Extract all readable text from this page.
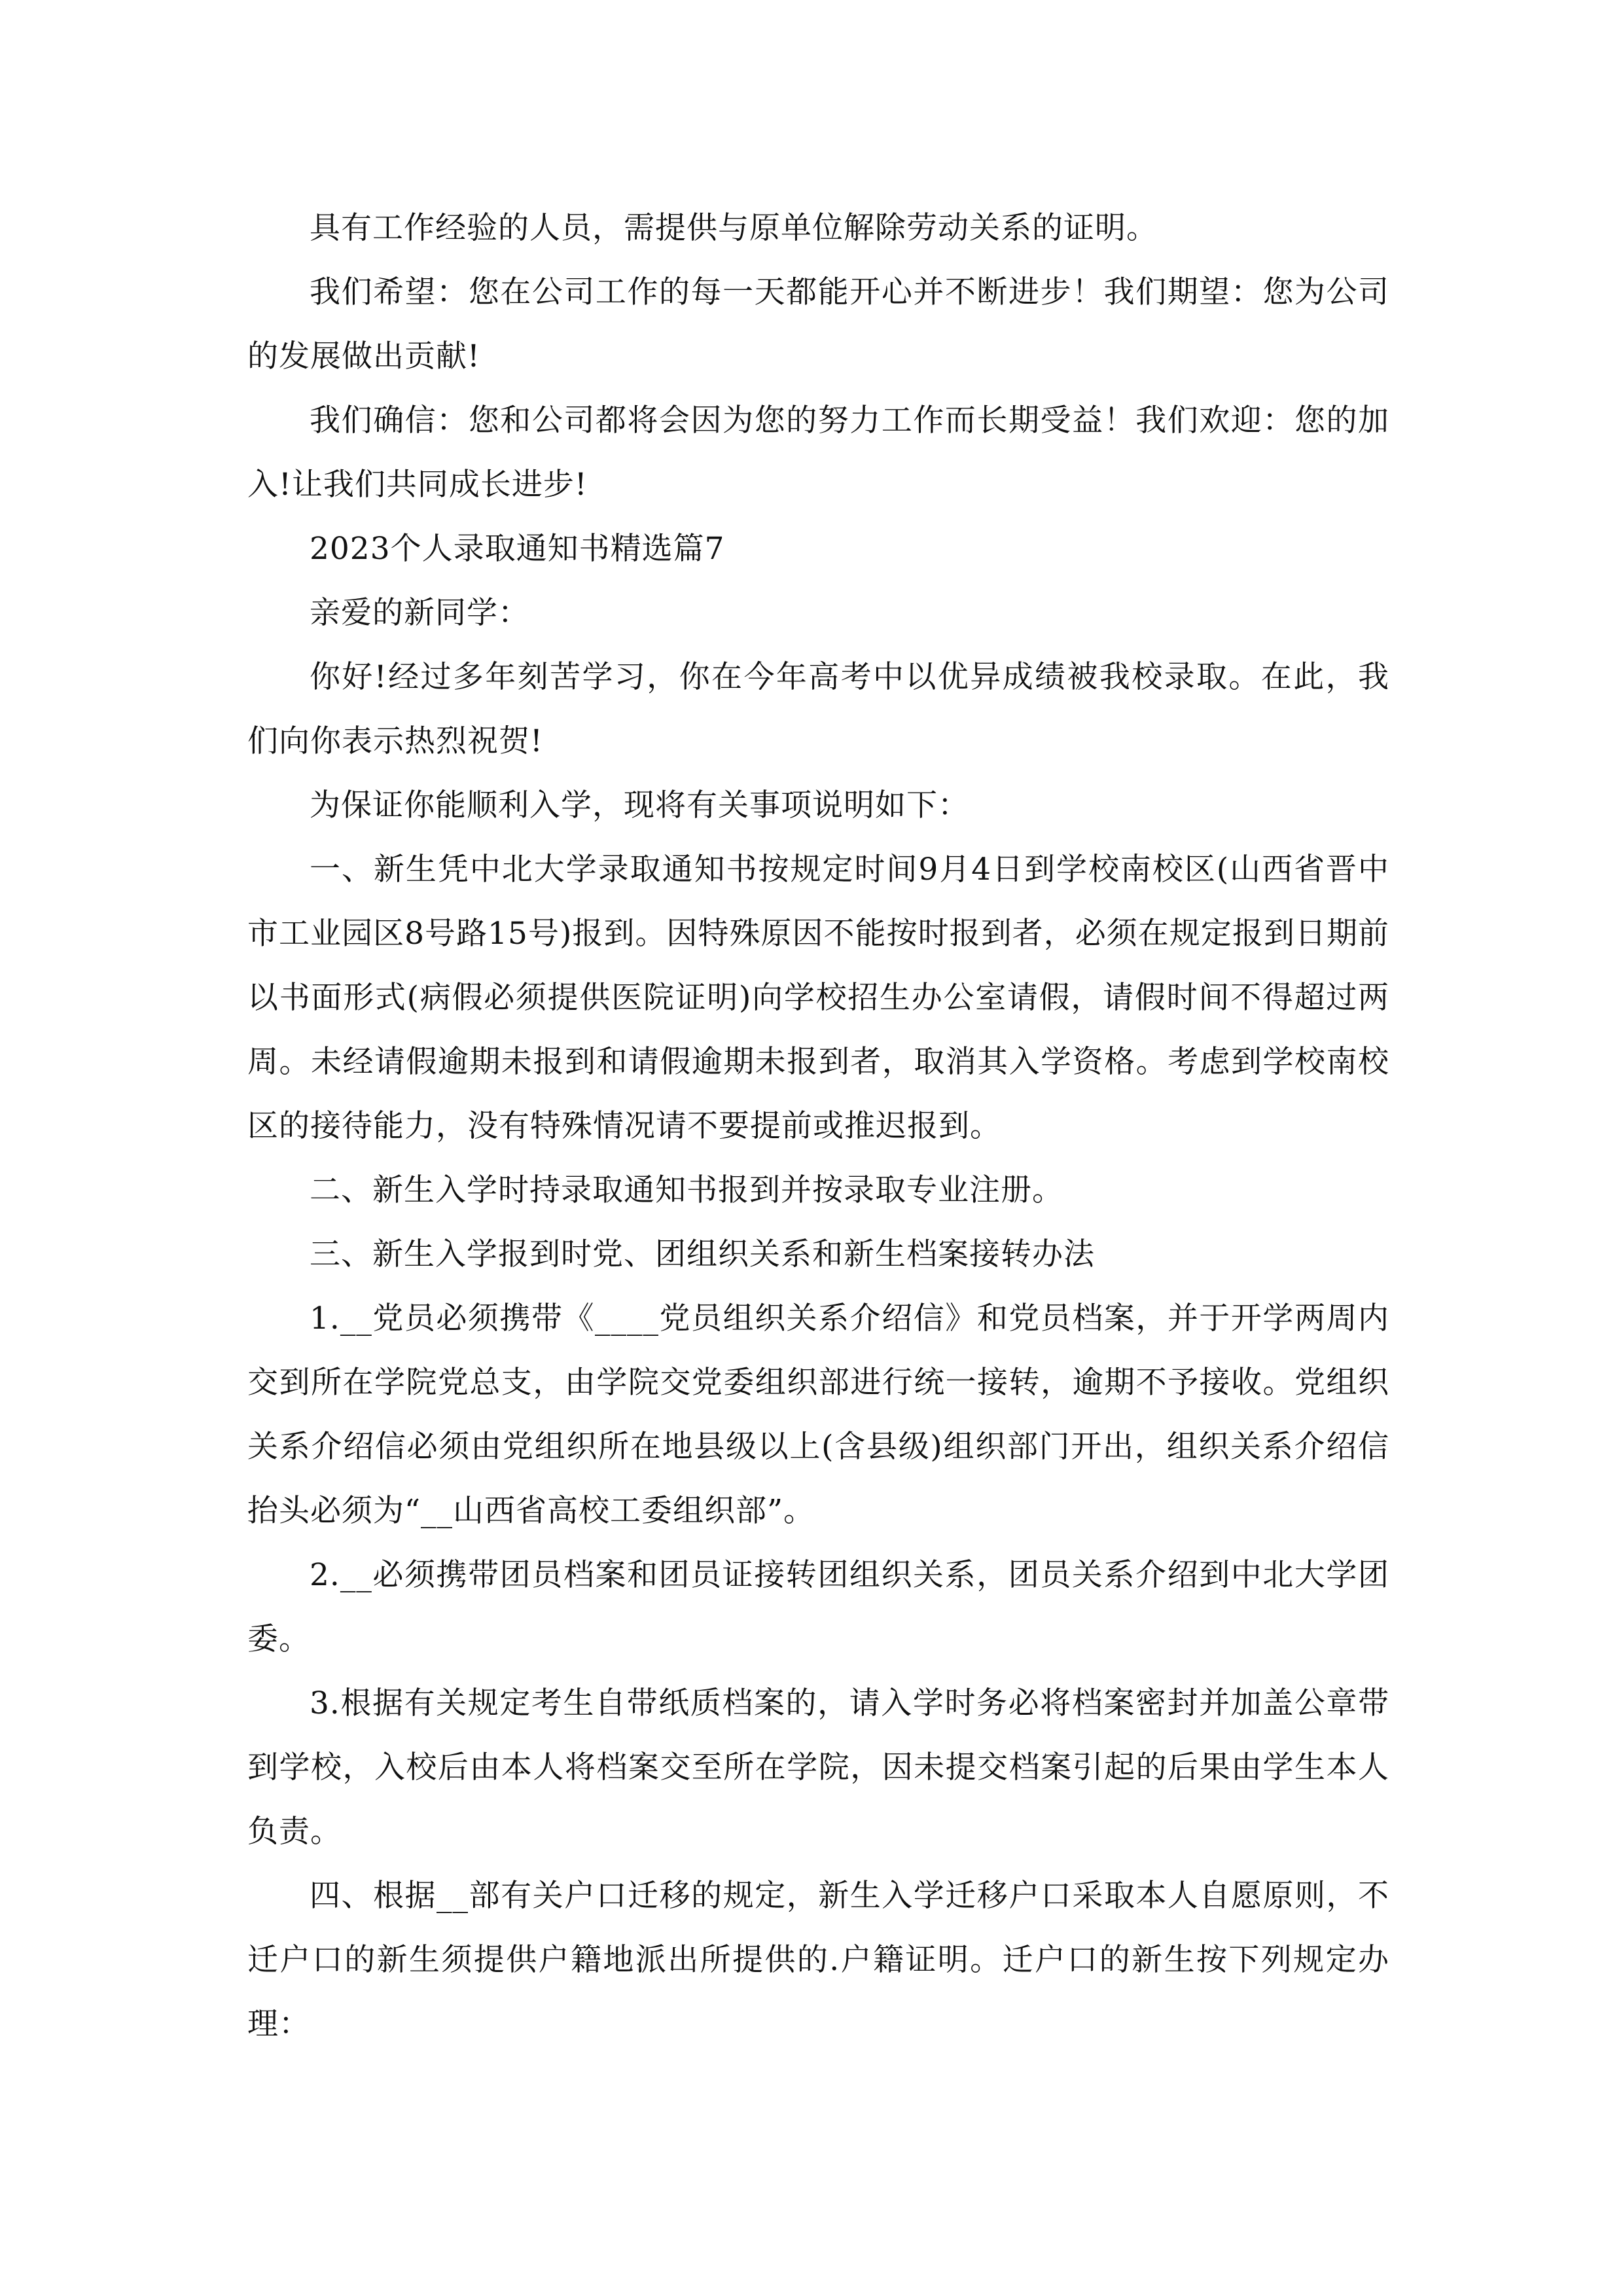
具有工作经验的人员，需提供与原单位解除劳动关系的证明。

我们希望：您在公司工作的每一天都能开心并不断进步！我们期望：您为公司的发展做出贡献!

我们确信：您和公司都将会因为您的努力工作而长期受益！我们欢迎：您的加入!让我们共同成长进步!

2023个人录取通知书精选篇7

亲爱的新同学：

你好!经过多年刻苦学习，你在今年高考中以优异成绩被我校录取。在此，我们向你表示热烈祝贺!

为保证你能顺利入学，现将有关事项说明如下：

一、新生凭中北大学录取通知书按规定时间9月4日到学校南校区(山西省晋中市工业园区8号路15号)报到。因特殊原因不能按时报到者，必须在规定报到日期前以书面形式(病假必须提供医院证明)向学校招生办公室请假，请假时间不得超过两周。未经请假逾期未报到和请假逾期未报到者，取消其入学资格。考虑到学校南校区的接待能力，没有特殊情况请不要提前或推迟报到。

二、新生入学时持录取通知书报到并按录取专业注册。

三、新生入学报到时党、团组织关系和新生档案接转办法

1.__党员必须携带《____党员组织关系介绍信》和党员档案，并于开学两周内交到所在学院党总支，由学院交党委组织部进行统一接转，逾期不予接收。党组织关系介绍信必须由党组织所在地县级以上(含县级)组织部门开出，组织关系介绍信抬头必须为“__山西省高校工委组织部”。

2.__必须携带团员档案和团员证接转团组织关系，团员关系介绍到中北大学团委。

3.根据有关规定考生自带纸质档案的，请入学时务必将档案密封并加盖公章带到学校，入校后由本人将档案交至所在学院，因未提交档案引起的后果由学生本人负责。

四、根据__部有关户口迁移的规定，新生入学迁移户口采取本人自愿原则，不迁户口的新生须提供户籍地派出所提供的.户籍证明。迁户口的新生按下列规定办理：
